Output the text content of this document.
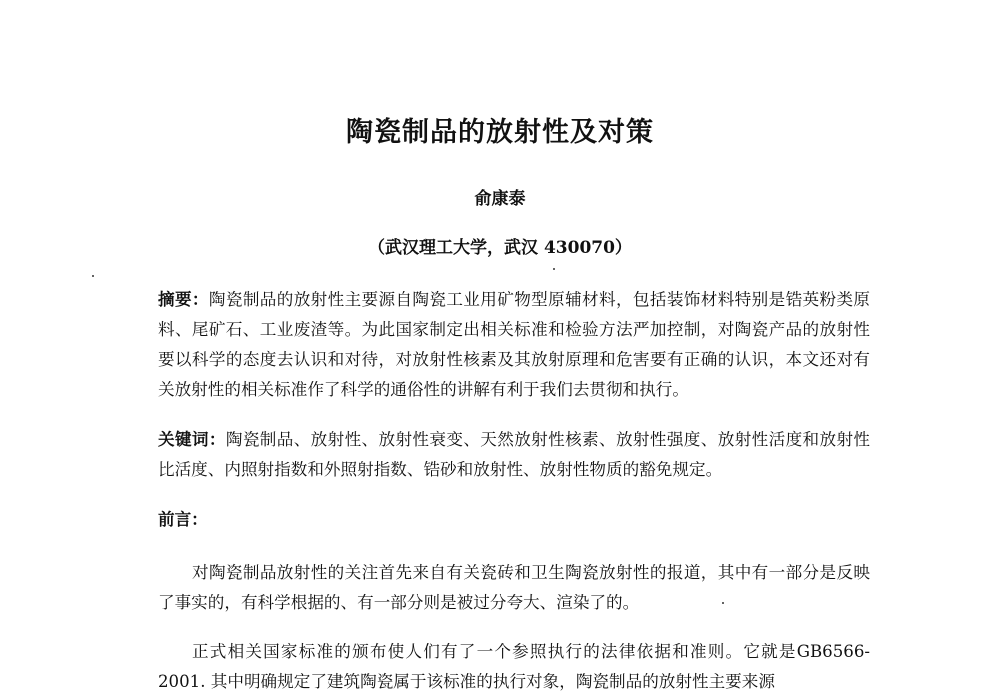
陶瓷制品的放射性及对策
俞康泰
（武汉理工大学，武汉 430070）
摘要：陶瓷制品的放射性主要源自陶瓷工业用矿物型原辅材料，包括装饰材料特别是锆英粉类原料、尾矿石、工业废渣等。为此国家制定出相关标准和检验方法严加控制，对陶瓷产品的放射性要以科学的态度去认识和对待，对放射性核素及其放射原理和危害要有正确的认识，本文还对有关放射性的相关标准作了科学的通俗性的讲解有利于我们去贯彻和执行。
关键词：陶瓷制品、放射性、放射性衰变、天然放射性核素、放射性强度、放射性活度和放射性比活度、内照射指数和外照射指数、锆砂和放射性、放射性物质的豁免规定。
前言：
对陶瓷制品放射性的关注首先来自有关瓷砖和卫生陶瓷放射性的报道，其中有一部分是反映了事实的，有科学根据的、有一部分则是被过分夸大、渲染了的。
正式相关国家标准的颁布使人们有了一个参照执行的法律依据和准则。它就是GB6566-2001. 其中明确规定了建筑陶瓷属于该标准的执行对象，陶瓷制品的放射性主要来源
